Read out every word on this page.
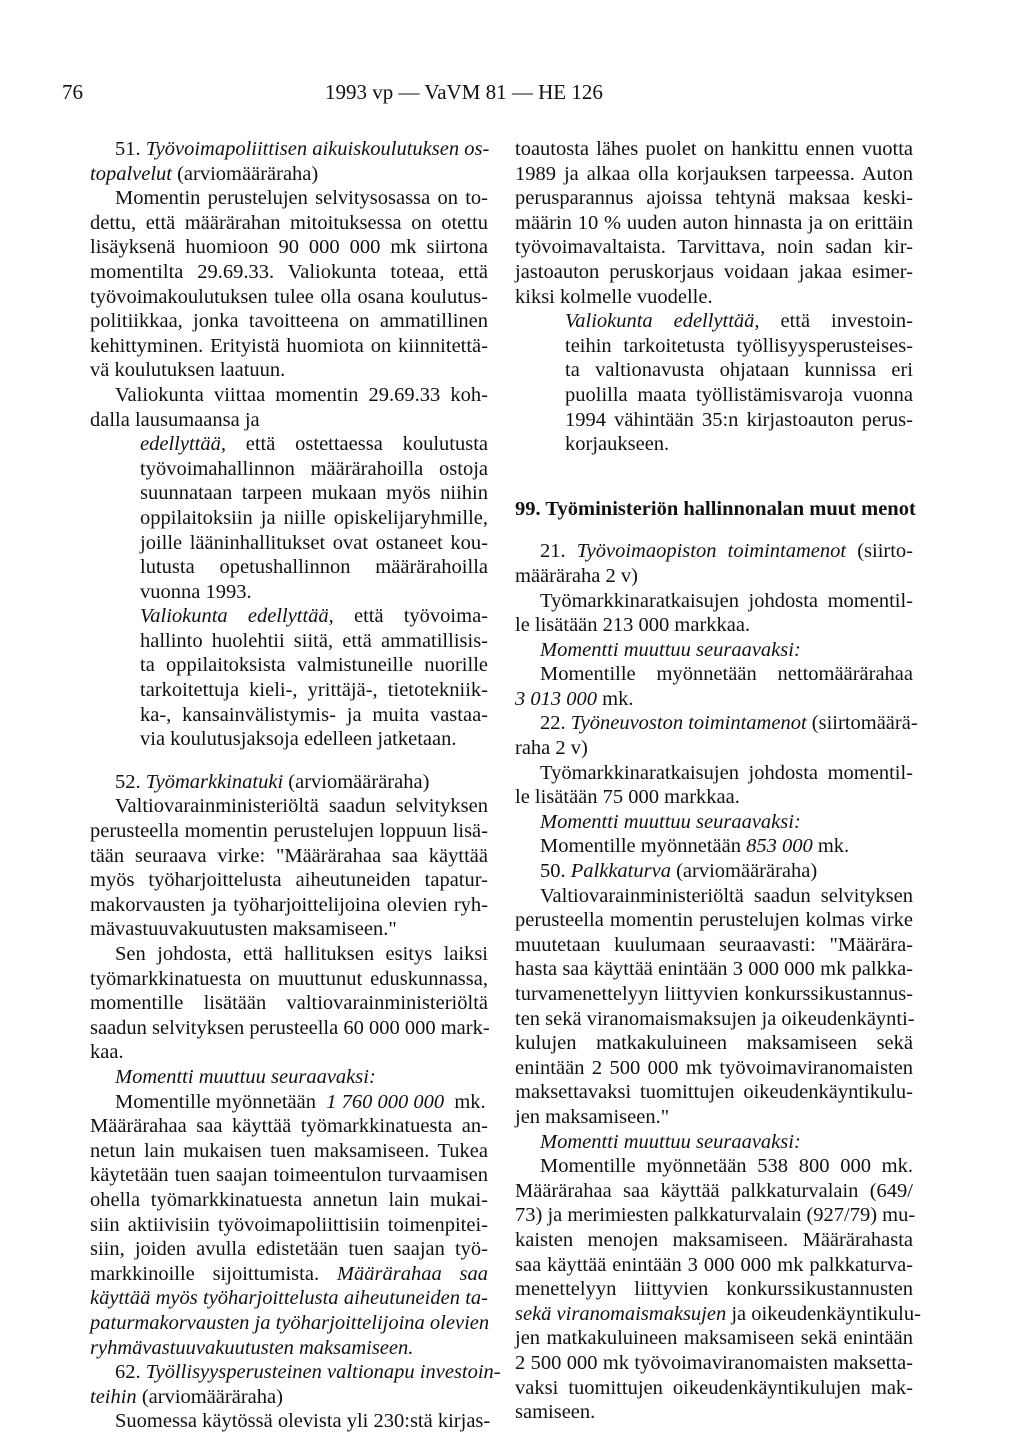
76	1993 vp — VaVM 81 — HE 126
51. Työvoimapoliittisen aikuiskoulutuksen os-
topalvelut (arviomääräraha)
Momentin perustelujen selvitysosassa on to-
dettu, että määrärahan mitoituksessa on otettu
lisäyksenä huomioon 90 000 000 mk siirtona
momentilta 29.69.33. Valiokunta toteaa, että
työvoimakoulutuksen tulee olla osana koulutus-
politiikkaa, jonka tavoitteena on ammatillinen
kehittyminen. Erityistä huomiota on kiinnitettä-
vä koulutuksen laatuun.
Valiokunta viittaa momentin 29.69.33 koh-
dalla lausumaansa ja
edellyttää, että ostettaessa koulutusta
työvoimahallinnon määrärahoilla ostoja
suunnataan tarpeen mukaan myös niihin
oppilaitoksiin ja niille opiskelijaryhmille,
joille lääninhallitukset ovat ostaneet kou-
lutusta opetushallinnon määrärahoilla
vuonna 1993.
Valiokunta edellyttää, että työvoima-
hallinto huolehtii siitä, että ammatillisis-
ta oppilaitoksista valmistuneille nuorille
tarkoitettuja kieli-, yrittäjä-, tietotekniik-
ka-, kansainvälistymis- ja muita vastaa-
via koulutusjaksoja edelleen jatketaan.
52. Työmarkkinatuki (arviomääräraha)
Valtiovarainministeriöltä saadun selvityksen
perusteella momentin perustelujen loppuun lisä-
tään seuraava virke: "Määrärahaa saa käyttää
myös työharjoittelusta aiheutuneiden tapatur-
makorvausten ja työharjoittelijoina olevien ryh-
mävastuuvakuutusten maksamiseen."
Sen johdosta, että hallituksen esitys laiksi
työmarkkinatuesta on muuttunut eduskunnassa,
momentille lisätään valtiovarainministeriöltä
saadun selvityksen perusteella 60 000 000 mark-
kaa.
Momentti muuttuu seuraavaksi:
Momentille myönnetään 1 760 000 000 mk.
Määrärahaa saa käyttää työmarkkinatuesta an-
netun lain mukaisen tuen maksamiseen. Tukea
käytetään tuen saajan toimeentulon turvaamisen
ohella työmarkkinatuesta annetun lain mukai-
siin aktiivisiin työvoimapoliittisiin toimenpitei-
siin, joiden avulla edistetään tuen saajan työ-
markkinoille sijoittumista. Määrärahaa saa
käyttää myös työharjoittelusta aiheutuneiden ta-
paturmakorvausten ja työharjoittelijoina olevien
ryhmävastuuvakuutusten maksamiseen.
62. Työllisyysperusteinen valtionapu investoin-
teihin (arviomääräraha)
Suomessa käytössä olevista yli 230:stä kirjas-
toautosta lähes puolet on hankittu ennen vuotta
1989 ja alkaa olla korjauksen tarpeessa. Auton
perusparannus ajoissa tehtynä maksaa keski-
määrin 10 % uuden auton hinnasta ja on erittäin
työvoimavaltaista. Tarvittava, noin sadan kir-
jastoauton peruskorjaus voidaan jakaa esimer-
kiksi kolmelle vuodelle.
Valiokunta edellyttää, että investoin-
teihin tarkoitetusta työllisyysperusteises-
ta valtionavusta ohjataan kunnissa eri
puolilla maata työllistämisvaroja vuonna
1994 vähintään 35:n kirjastoauton perus-
korjaukseen.
99. Työministeriön hallinnonalan muut menot
21. Työvoimaopiston toimintamenot (siirto-
määräraha 2 v)
Työmarkkinaratkaisujen johdosta momentil-
le lisätään 213 000 markkaa.
Momentti muuttuu seuraavaksi:
Momentille myönnetään nettomäärärahaa
3 013 000 mk.
22. Työneuvoston toimintamenot (siirtomäärä-
raha 2 v)
Työmarkkinaratkaisujen johdosta momentil-
le lisätään 75 000 markkaa.
Momentti muuttuu seuraavaksi:
Momentille myönnetään 853 000 mk.
50. Palkkaturva (arviomääräraha)
Valtiovarainministeriöltä saadun selvityksen
perusteella momentin perustelujen kolmas virke
muutetaan kuulumaan seuraavasti: "Määrära-
hasta saa käyttää enintään 3 000 000 mk palkka-
turvamenettelyyn liittyvien konkurssikustannus-
ten sekä viranomaismaksujen ja oikeudenkäynti-
kulujen matkakuluineen maksamiseen sekä
enintään 2 500 000 mk työvoimaviranomaisten
maksettavaksi tuomittujen oikeudenkäyntikulu-
jen maksamiseen."
Momentti muuttuu seuraavaksi:
Momentille myönnetään 538 800 000 mk.
Määrärahaa saa käyttää palkkaturvalain (649/
73) ja merimiesten palkkaturvalain (927/79) mu-
kaisten menojen maksamiseen. Määrärahasta
saa käyttää enintään 3 000 000 mk palkkaturva-
menettelyyn liittyvien konkurssikustannusten
sekä viranomaismaksujen ja oikeudenkäyntikulu-
jen matkakuluineen maksamiseen sekä enintään
2 500 000 mk työvoimaviranomaisten maksetta-
vaksi tuomittujen oikeudenkäyntikulujen mak-
samiseen.
